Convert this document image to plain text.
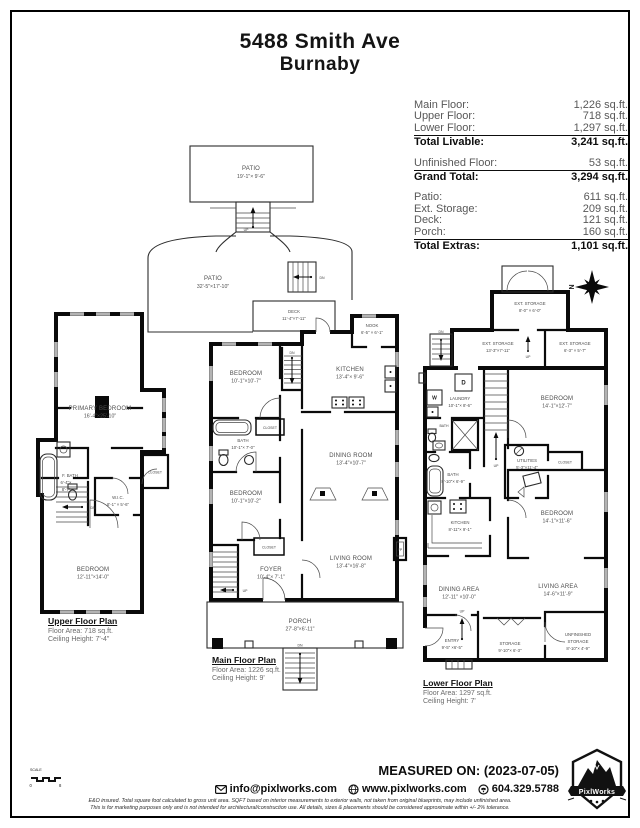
5488 Smith Ave
Burnaby
Main Floor:	1,226 sq.ft.
Upper Floor:	718 sq.ft.
Lower Floor:	1,297 sq.ft.
Total Livable:	3,241 sq.ft.
Unfinished Floor:	53 sq.ft.
Grand Total:	3,294 sq.ft.
Patio:	611 sq.ft.
Ext. Storage:	209 sq.ft.
Deck:	121 sq.ft.
Porch:	160 sq.ft.
Total Extras:	1,101 sq.ft.
DN
PRIMARY BEDROOM
16'-4"×25'-10"
F. BATH
6'-4"×
8'-7"
W.I.C.
8'-1" × 5'-6"
BEDROOM
12'-11"×14'-0"
CLOSET
Upper Floor Plan
Floor Area: 718 sq.ft.
Ceiling Height: 7'-4"
UP
DN
DN
UP
DN
PATIO
19'-1"× 9'-6"
PATIO
32'-5"×17'-10"
DECK
11'-4"×7'-11"
NOOK
6'-5" × 6'-1"
KITCHEN
13'-4"× 9'-6"
BEDROOM
10'-1"×10'-7"
BATH
10'-1"× 7'-0"
CLOSET
DINING ROOM
13'-4"×10'-7"
BEDROOM
10'-1"×10'-2"
CLOSET
FOYER
10'-4"× 7'-1"
LIVING ROOM
13'-4"×16'-8"
FP
PORCH
27'-8"×6'-11"
Main Floor Plan
Floor Area: 1226 sq.ft.
Ceiling Height: 9'
DN
UP
UP
UP
N
EXT. STORAGE
8'-0" × 6'-0"
EXT. STORAGE
13'-3"×7'-11"
EXT. STORAGE
6'-3" × 5'-7"
LAUNDRY
10'-1"× 8'-6"
W
D
BEDROOM
14'-1"×12'-7"
BATH
UTILITIES
5'-3"×11'-4"
CLOSET
BATH
8'-10"× 6'-9"
KITCHEN
8'-11"× 9'-1"
BEDROOM
14'-1"×11'-6"
DINING AREA
12'-11" ×10'-0"
LIVING AREA
14'-6"×11'-9"
ENTRY
9'-5" ×6'-5"
STORAGE
9'-10"× 6'-3"
UNFINISHED
STORAGE
8'-10"× 4'-9"
Lower Floor Plan
Floor Area: 1297 sq.ft.
Ceiling Height: 7'
SCALE
0	8
MEASURED ON: (2023-07-05)
info@pixlworks.com www.pixlworks.com 604.329.5788
E&O insured. Total square foot calculated to gross unit area. SQFT based on interior measurements to exterior walls, not taken from original blueprints, may include unfinished area.
This is for marketing purposes only and is not intended for architectural/construction use. All details, sizes & placements should be considered approximate within +/- 2% tolerance.
PixlWorks
